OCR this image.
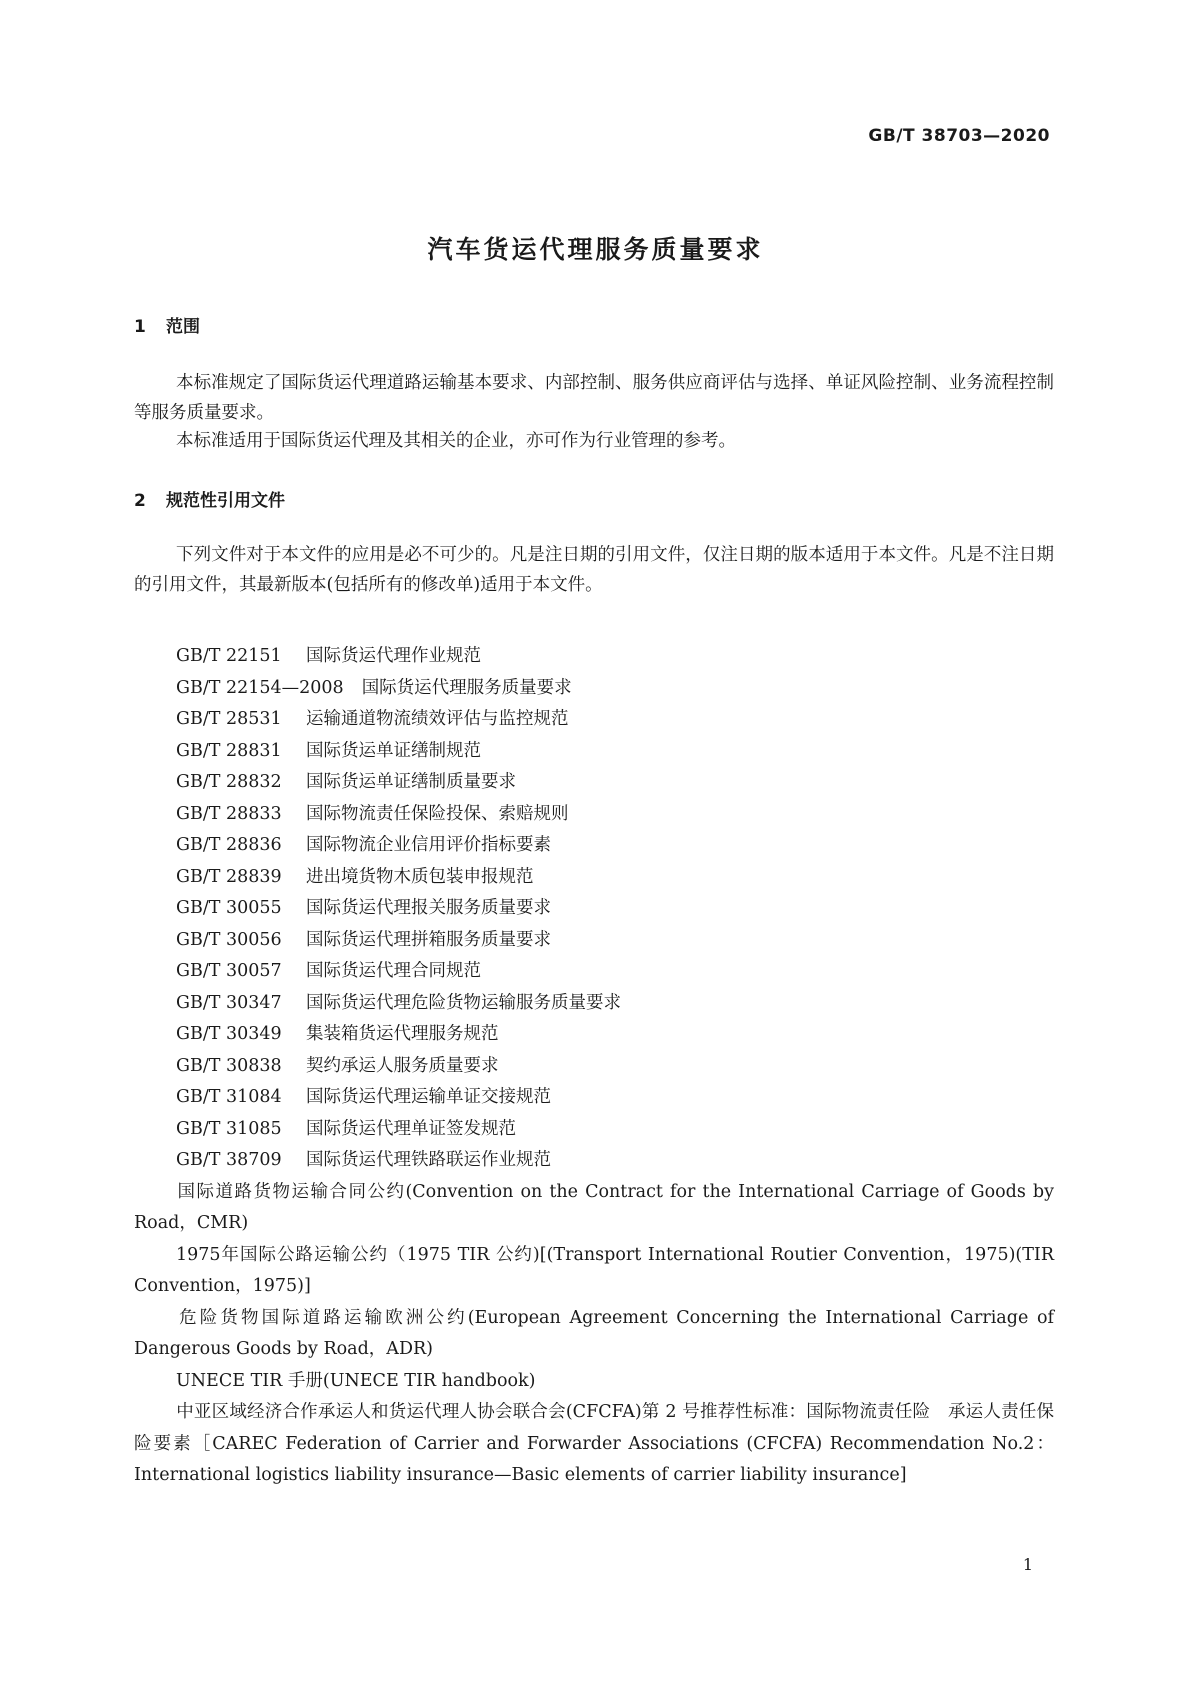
GB/T 38703—2020
汽车货运代理服务质量要求
1 范围
本标准规定了国际货运代理道路运输基本要求、内部控制、服务供应商评估与选择、单证风险控制、业务流程控制等服务质量要求。
本标准适用于国际货运代理及其相关的企业，亦可作为行业管理的参考。
2 规范性引用文件
下列文件对于本文件的应用是必不可少的。凡是注日期的引用文件，仅注日期的版本适用于本文件。凡是不注日期的引用文件，其最新版本(包括所有的修改单)适用于本文件。
GB/T 22151 国际货运代理作业规范
GB/T 22154—2008 国际货运代理服务质量要求
GB/T 28531 运输通道物流绩效评估与监控规范
GB/T 28831 国际货运单证缮制规范
GB/T 28832 国际货运单证缮制质量要求
GB/T 28833 国际物流责任保险投保、索赔规则
GB/T 28836 国际物流企业信用评价指标要素
GB/T 28839 进出境货物木质包装申报规范
GB/T 30055 国际货运代理报关服务质量要求
GB/T 30056 国际货运代理拼箱服务质量要求
GB/T 30057 国际货运代理合同规范
GB/T 30347 国际货运代理危险货物运输服务质量要求
GB/T 30349 集装箱货运代理服务规范
GB/T 30838 契约承运人服务质量要求
GB/T 31084 国际货运代理运输单证交接规范
GB/T 31085 国际货运代理单证签发规范
GB/T 38709 国际货运代理铁路联运作业规范
国际道路货物运输合同公约(Convention on the Contract for the International Carriage of Goods by Road，CMR)
1975年国际公路运输公约（1975 TIR 公约)[(Transport International Routier Convention，1975)(TIR Convention，1975)]
危险货物国际道路运输欧洲公约(European Agreement Concerning the International Carriage of Dangerous Goods by Road，ADR)
UNECE TIR 手册(UNECE TIR handbook)
中亚区域经济合作承运人和货运代理人协会联合会(CFCFA)第 2 号推荐性标准：国际物流责任险　承运人责任保险要素［CAREC Federation of Carrier and Forwarder Associations (CFCFA) Recommendation No.2：International logistics liability insurance—Basic elements of carrier liability insurance]
1
